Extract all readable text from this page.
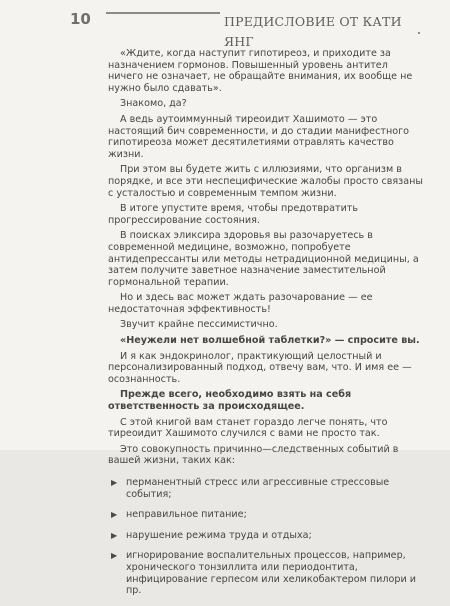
10	ПРЕДИСЛОВИЕ ОТ КАТИ ЯНГ

«Ждите, когда наступит гипотиреоз, и приходите за назначением гормонов. Повышенный уровень антител ничего не означает, не обращайте внимания, их вообще не нужно было сдавать».

Знакомо, да?

А ведь аутоиммунный тиреоидит Хашимото — это настоящий бич современности, и до стадии манифестного гипотиреоза может десятилетиями отравлять качество жизни.

При этом вы будете жить с иллюзиями, что организм в порядке, и все эти неспецифические жалобы просто связаны с усталостью и современным темпом жизни.

В итоге упустите время, чтобы предотвратить прогрессирование состояния.

В поисках эликсира здоровья вы разочаруетесь в современной медицине, возможно, попробуете антидепрессанты или методы нетрадиционной медицины, а затем получите заветное назначение заместительной гормональной терапии.

Но и здесь вас может ждать разочарование — ее недостаточная эффективность!

Звучит крайне пессимистично.

«Неужели нет волшебной таблетки?» — спросите вы.

И я как эндокринолог, практикующий целостный и персонализированный подход, отвечу вам, что. И имя ее — осознанность.

Прежде всего, необходимо взять на себя ответственность за происходящее.

С этой книгой вам станет гораздо легче понять, что тиреоидит Хашимото случился с вами не просто так.

Это совокупность причинно—следственных событий в вашей жизни, таких как:

▶ перманентный стресс или агрессивные стрессовые события;
▶ неправильное питание;
▶ нарушение режима труда и отдыха;
▶ игнорирование воспалительных процессов, например, хронического тонзиллита или периодонтита, инфицирование герпесом или хеликобактером пилори и пр.
